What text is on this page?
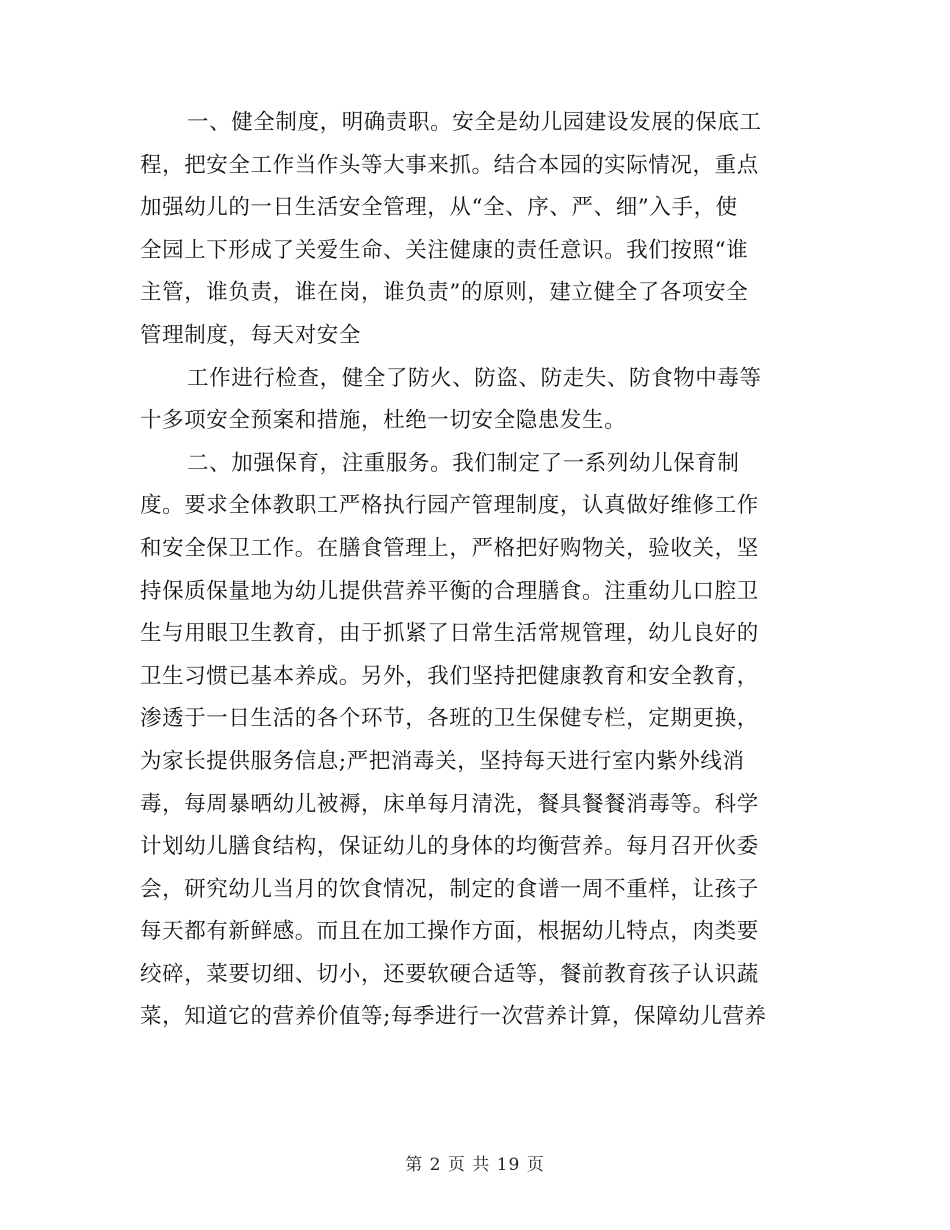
一、健全制度，明确责职。安全是幼儿园建设发展的保底工
程，把安全工作当作头等大事来抓。结合本园的实际情况，重点
加强幼儿的一日生活安全管理，从“全、序、严、细”入手，使
全园上下形成了关爱生命、关注健康的责任意识。我们按照“谁
主管，谁负责，谁在岗，谁负责”的原则，建立健全了各项安全
管理制度，每天对安全
工作进行检查，健全了防火、防盗、防走失、防食物中毒等
十多项安全预案和措施，杜绝一切安全隐患发生。
二、加强保育，注重服务。我们制定了一系列幼儿保育制
度。要求全体教职工严格执行园产管理制度，认真做好维修工作
和安全保卫工作。在膳食管理上，严格把好购物关，验收关，坚
持保质保量地为幼儿提供营养平衡的合理膳食。注重幼儿口腔卫
生与用眼卫生教育，由于抓紧了日常生活常规管理，幼儿良好的
卫生习惯已基本养成。另外，我们坚持把健康教育和安全教育，
渗透于一日生活的各个环节，各班的卫生保健专栏，定期更换，
为家长提供服务信息;严把消毒关，坚持每天进行室内紫外线消
毒，每周暴晒幼儿被褥，床单每月清洗，餐具餐餐消毒等。科学
计划幼儿膳食结构，保证幼儿的身体的均衡营养。每月召开伙委
会，研究幼儿当月的饮食情况，制定的食谱一周不重样，让孩子
每天都有新鲜感。而且在加工操作方面，根据幼儿特点，肉类要
绞碎，菜要切细、切小，还要软硬合适等，餐前教育孩子认识蔬
菜，知道它的营养价值等;每季进行一次营养计算，保障幼儿营养
第 2 页 共 19 页
